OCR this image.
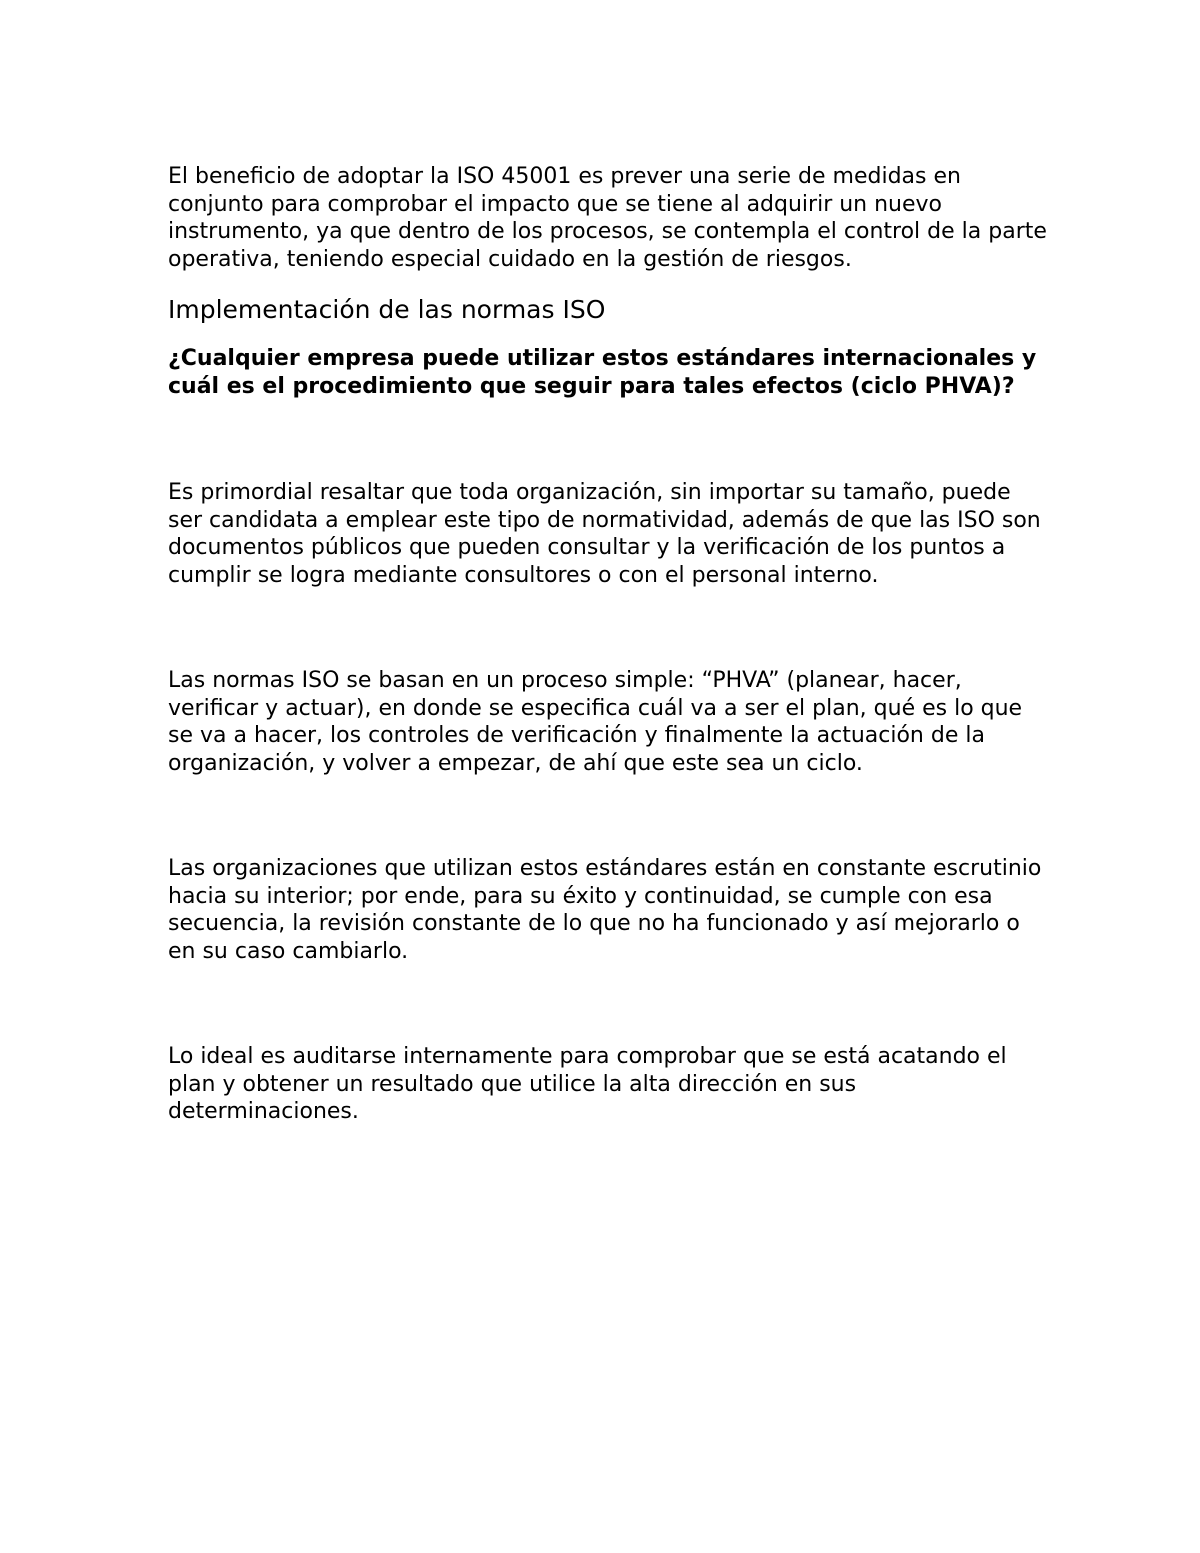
El beneficio de adoptar la ISO 45001 es prever una serie de medidas en conjunto para comprobar el impacto que se tiene al adquirir un nuevo instrumento, ya que dentro de los procesos, se contempla el control de la parte operativa, teniendo especial cuidado en la gestión de riesgos.

Implementación de las normas ISO

¿Cualquier empresa puede utilizar estos estándares internacionales y cuál es el procedimiento que seguir para tales efectos (ciclo PHVA)?

Es primordial resaltar que toda organización, sin importar su tamaño, puede ser candidata a emplear este tipo de normatividad, además de que las ISO son documentos públicos que pueden consultar y la verificación de los puntos a cumplir se logra mediante consultores o con el personal interno.

Las normas ISO se basan en un proceso simple: “PHVA” (planear, hacer, verificar y actuar), en donde se especifica cuál va a ser el plan, qué es lo que se va a hacer, los controles de verificación y finalmente la actuación de la organización, y volver a empezar, de ahí que este sea un ciclo.

Las organizaciones que utilizan estos estándares están en constante escrutinio hacia su interior; por ende, para su éxito y continuidad, se cumple con esa secuencia, la revisión constante de lo que no ha funcionado y así mejorarlo o en su caso cambiarlo.

Lo ideal es auditarse internamente para comprobar que se está acatando el plan y obtener un resultado que utilice la alta dirección en sus determinaciones.
